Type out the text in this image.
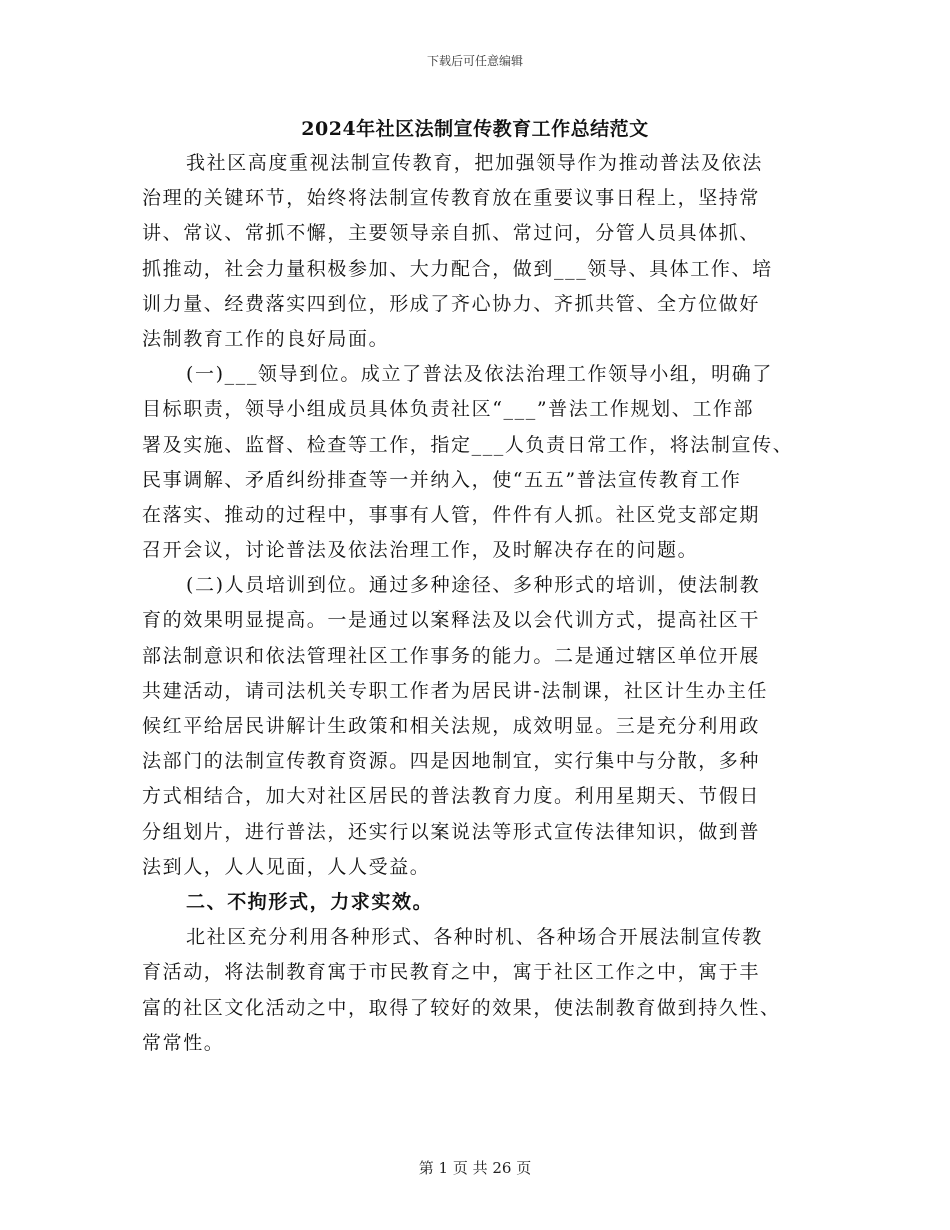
下载后可任意编辑
2024年社区法制宣传教育工作总结范文
我社区高度重视法制宣传教育，把加强领导作为推动普法及依法
治理的关键环节，始终将法制宣传教育放在重要议事日程上，坚持常
讲、常议、常抓不懈，主要领导亲自抓、常过问，分管人员具体抓、
抓推动，社会力量积极参加、大力配合，做到___领导、具体工作、培
训力量、经费落实四到位，形成了齐心协力、齐抓共管、全方位做好
法制教育工作的良好局面。
(一)___领导到位。成立了普法及依法治理工作领导小组，明确了
目标职责，领导小组成员具体负责社区“___”普法工作规划、工作部
署及实施、监督、检查等工作，指定___人负责日常工作，将法制宣传、
民事调解、矛盾纠纷排查等一并纳入，使“五五”普法宣传教育工作
在落实、推动的过程中，事事有人管，件件有人抓。社区党支部定期
召开会议，讨论普法及依法治理工作，及时解决存在的问题。
(二)人员培训到位。通过多种途径、多种形式的培训，使法制教
育的效果明显提高。一是通过以案释法及以会代训方式，提高社区干
部法制意识和依法管理社区工作事务的能力。二是通过辖区单位开展
共建活动，请司法机关专职工作者为居民讲-法制课，社区计生办主任
候红平给居民讲解计生政策和相关法规，成效明显。三是充分利用政
法部门的法制宣传教育资源。四是因地制宜，实行集中与分散，多种
方式相结合，加大对社区居民的普法教育力度。利用星期天、节假日
分组划片，进行普法，还实行以案说法等形式宣传法律知识，做到普
法到人，人人见面，人人受益。
二、不拘形式，力求实效。
北社区充分利用各种形式、各种时机、各种场合开展法制宣传教
育活动，将法制教育寓于市民教育之中，寓于社区工作之中，寓于丰
富的社区文化活动之中，取得了较好的效果，使法制教育做到持久性、
常常性。
第 1 页 共 26 页
